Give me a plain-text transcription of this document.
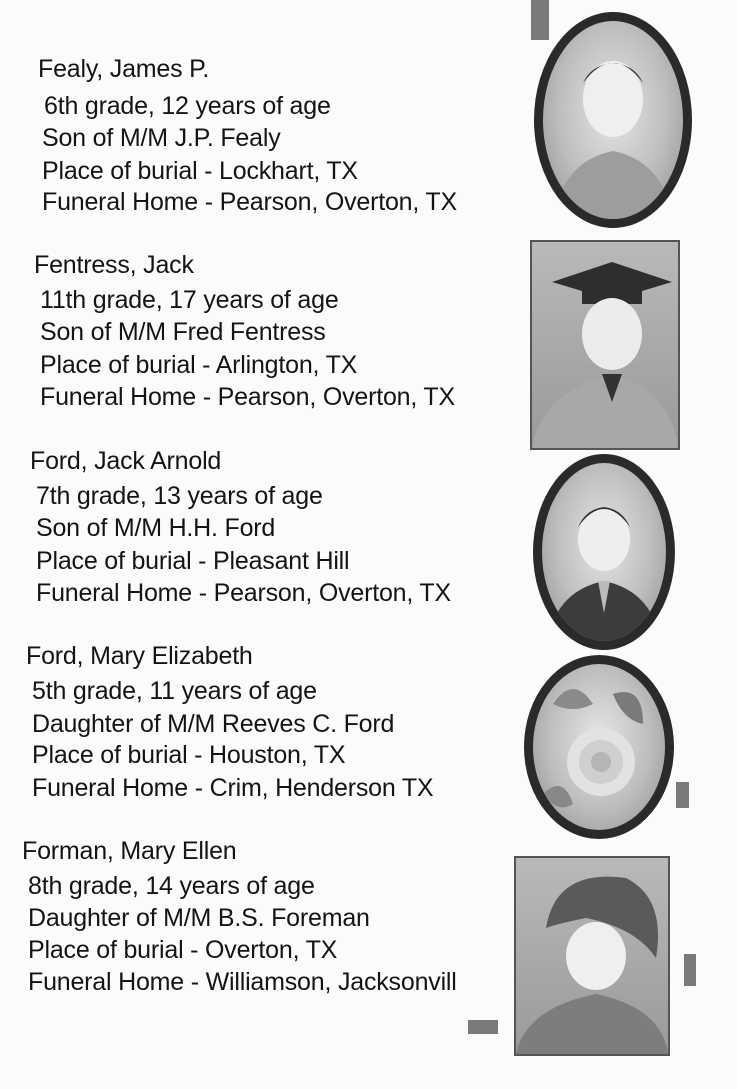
Fealy, James P.
6th grade, 12 years of age
Son of M/M J.P. Fealy
Place of burial - Lockhart, TX
Funeral Home - Pearson, Overton, TX
Fentress, Jack
11th grade, 17 years of age
Son of M/M Fred Fentress
Place of burial - Arlington, TX
Funeral Home - Pearson, Overton, TX
Ford, Jack Arnold
7th grade, 13 years of age
Son of M/M H.H. Ford
Place of burial - Pleasant Hill
Funeral Home - Pearson, Overton, TX
Ford, Mary Elizabeth
5th grade, 11 years of age
Daughter of M/M Reeves C. Ford
Place of burial - Houston, TX
Funeral Home - Crim, Henderson TX
Forman, Mary Ellen
8th grade, 14 years of age
Daughter of M/M B.S. Foreman
Place of burial - Overton, TX
Funeral Home - Williamson, Jacksonvill
